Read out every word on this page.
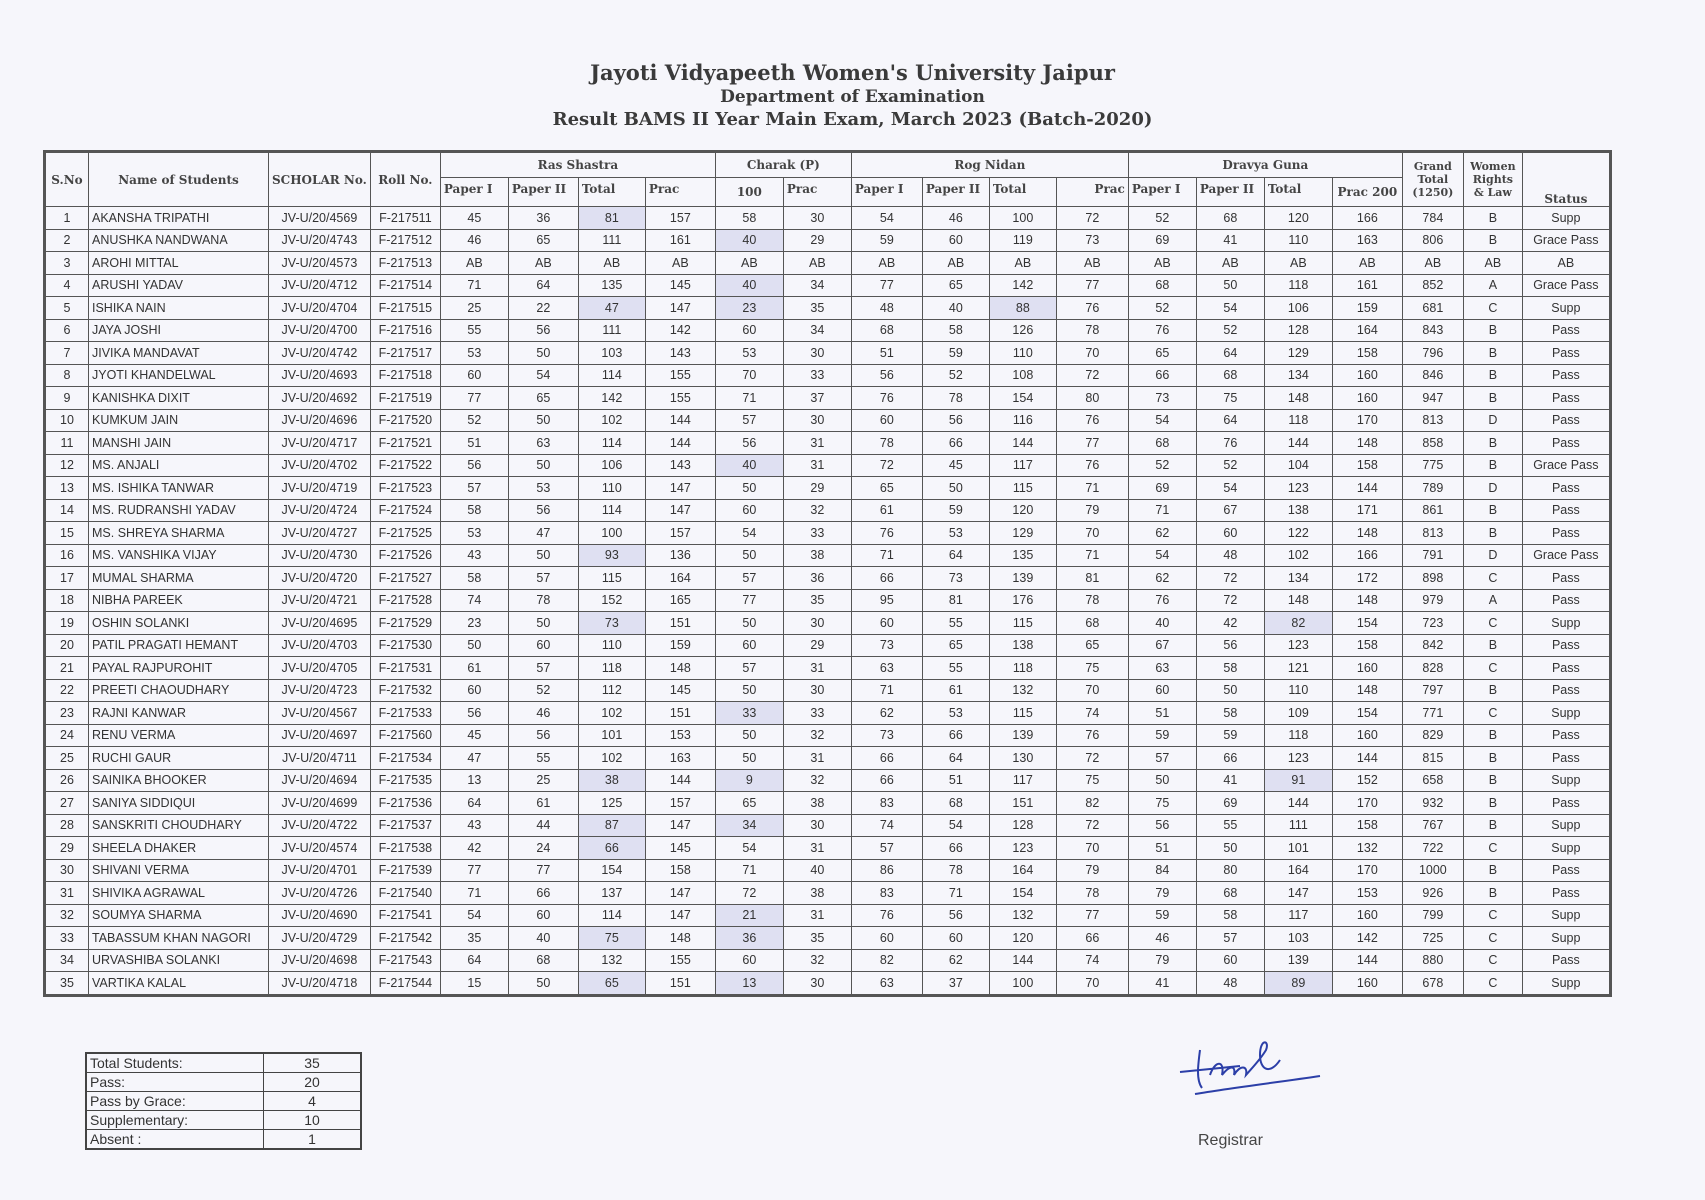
Jayoti Vidyapeeth Women's University Jaipur
Department of Examination
Result BAMS II Year Main Exam, March 2023 (Batch-2020)
S.No	Name of Students	SCHOLAR No.	Roll No.	Ras Shastra				Charak (P)		Rog Nidan				Dravya Guna				Grand Total (1250)	Women Rights & Law	Status
				Paper I	Paper II	Total	Prac	100	Prac	Paper I	Paper II	Total	Prac	Paper I	Paper II	Total	Prac 200			
1	AKANSHA TRIPATHI	JV-U/20/4569	F-217511	45	36	81	157	58	30	54	46	100	72	52	68	120	166	784	B	Supp
2	ANUSHKA NANDWANA	JV-U/20/4743	F-217512	46	65	111	161	40	29	59	60	119	73	69	41	110	163	806	B	Grace Pass
3	AROHI MITTAL	JV-U/20/4573	F-217513	AB	AB	AB	AB	AB	AB	AB	AB	AB	AB	AB	AB	AB	AB	AB	AB	AB
4	ARUSHI YADAV	JV-U/20/4712	F-217514	71	64	135	145	40	34	77	65	142	77	68	50	118	161	852	A	Grace Pass
5	ISHIKA NAIN	JV-U/20/4704	F-217515	25	22	47	147	23	35	48	40	88	76	52	54	106	159	681	C	Supp
6	JAYA JOSHI	JV-U/20/4700	F-217516	55	56	111	142	60	34	68	58	126	78	76	52	128	164	843	B	Pass
7	JIVIKA MANDAVAT	JV-U/20/4742	F-217517	53	50	103	143	53	30	51	59	110	70	65	64	129	158	796	B	Pass
8	JYOTI KHANDELWAL	JV-U/20/4693	F-217518	60	54	114	155	70	33	56	52	108	72	66	68	134	160	846	B	Pass
9	KANISHKA DIXIT	JV-U/20/4692	F-217519	77	65	142	155	71	37	76	78	154	80	73	75	148	160	947	B	Pass
10	KUMKUM JAIN	JV-U/20/4696	F-217520	52	50	102	144	57	30	60	56	116	76	54	64	118	170	813	D	Pass
11	MANSHI JAIN	JV-U/20/4717	F-217521	51	63	114	144	56	31	78	66	144	77	68	76	144	148	858	B	Pass
12	MS. ANJALI	JV-U/20/4702	F-217522	56	50	106	143	40	31	72	45	117	76	52	52	104	158	775	B	Grace Pass
13	MS. ISHIKA TANWAR	JV-U/20/4719	F-217523	57	53	110	147	50	29	65	50	115	71	69	54	123	144	789	D	Pass
14	MS. RUDRANSHI YADAV	JV-U/20/4724	F-217524	58	56	114	147	60	32	61	59	120	79	71	67	138	171	861	B	Pass
15	MS. SHREYA SHARMA	JV-U/20/4727	F-217525	53	47	100	157	54	33	76	53	129	70	62	60	122	148	813	B	Pass
16	MS. VANSHIKA VIJAY	JV-U/20/4730	F-217526	43	50	93	136	50	38	71	64	135	71	54	48	102	166	791	D	Grace Pass
17	MUMAL SHARMA	JV-U/20/4720	F-217527	58	57	115	164	57	36	66	73	139	81	62	72	134	172	898	C	Pass
18	NIBHA PAREEK	JV-U/20/4721	F-217528	74	78	152	165	77	35	95	81	176	78	76	72	148	148	979	A	Pass
19	OSHIN SOLANKI	JV-U/20/4695	F-217529	23	50	73	151	50	30	60	55	115	68	40	42	82	154	723	C	Supp
20	PATIL PRAGATI HEMANT	JV-U/20/4703	F-217530	50	60	110	159	60	29	73	65	138	65	67	56	123	158	842	B	Pass
21	PAYAL RAJPUROHIT	JV-U/20/4705	F-217531	61	57	118	148	57	31	63	55	118	75	63	58	121	160	828	C	Pass
22	PREETI CHAOUDHARY	JV-U/20/4723	F-217532	60	52	112	145	50	30	71	61	132	70	60	50	110	148	797	B	Pass
23	RAJNI KANWAR	JV-U/20/4567	F-217533	56	46	102	151	33	33	62	53	115	74	51	58	109	154	771	C	Supp
24	RENU VERMA	JV-U/20/4697	F-217560	45	56	101	153	50	32	73	66	139	76	59	59	118	160	829	B	Pass
25	RUCHI GAUR	JV-U/20/4711	F-217534	47	55	102	163	50	31	66	64	130	72	57	66	123	144	815	B	Pass
26	SAINIKA BHOOKER	JV-U/20/4694	F-217535	13	25	38	144	9	32	66	51	117	75	50	41	91	152	658	B	Supp
27	SANIYA SIDDIQUI	JV-U/20/4699	F-217536	64	61	125	157	65	38	83	68	151	82	75	69	144	170	932	B	Pass
28	SANSKRITI CHOUDHARY	JV-U/20/4722	F-217537	43	44	87	147	34	30	74	54	128	72	56	55	111	158	767	B	Supp
29	SHEELA DHAKER	JV-U/20/4574	F-217538	42	24	66	145	54	31	57	66	123	70	51	50	101	132	722	C	Supp
30	SHIVANI VERMA	JV-U/20/4701	F-217539	77	77	154	158	71	40	86	78	164	79	84	80	164	170	1000	B	Pass
31	SHIVIKA AGRAWAL	JV-U/20/4726	F-217540	71	66	137	147	72	38	83	71	154	78	79	68	147	153	926	B	Pass
32	SOUMYA SHARMA	JV-U/20/4690	F-217541	54	60	114	147	21	31	76	56	132	77	59	58	117	160	799	C	Supp
33	TABASSUM KHAN NAGORI	JV-U/20/4729	F-217542	35	40	75	148	36	35	60	60	120	66	46	57	103	142	725	C	Supp
34	URVASHIBA SOLANKI	JV-U/20/4698	F-217543	64	68	132	155	60	32	82	62	144	74	79	60	139	144	880	C	Pass
35	VARTIKA KALAL	JV-U/20/4718	F-217544	15	50	65	151	13	30	63	37	100	70	41	48	89	160	678	C	Supp
Total Students:	35
Pass:	20
Pass by Grace:	4
Supplementary:	10
Absent :	1	Registrar
